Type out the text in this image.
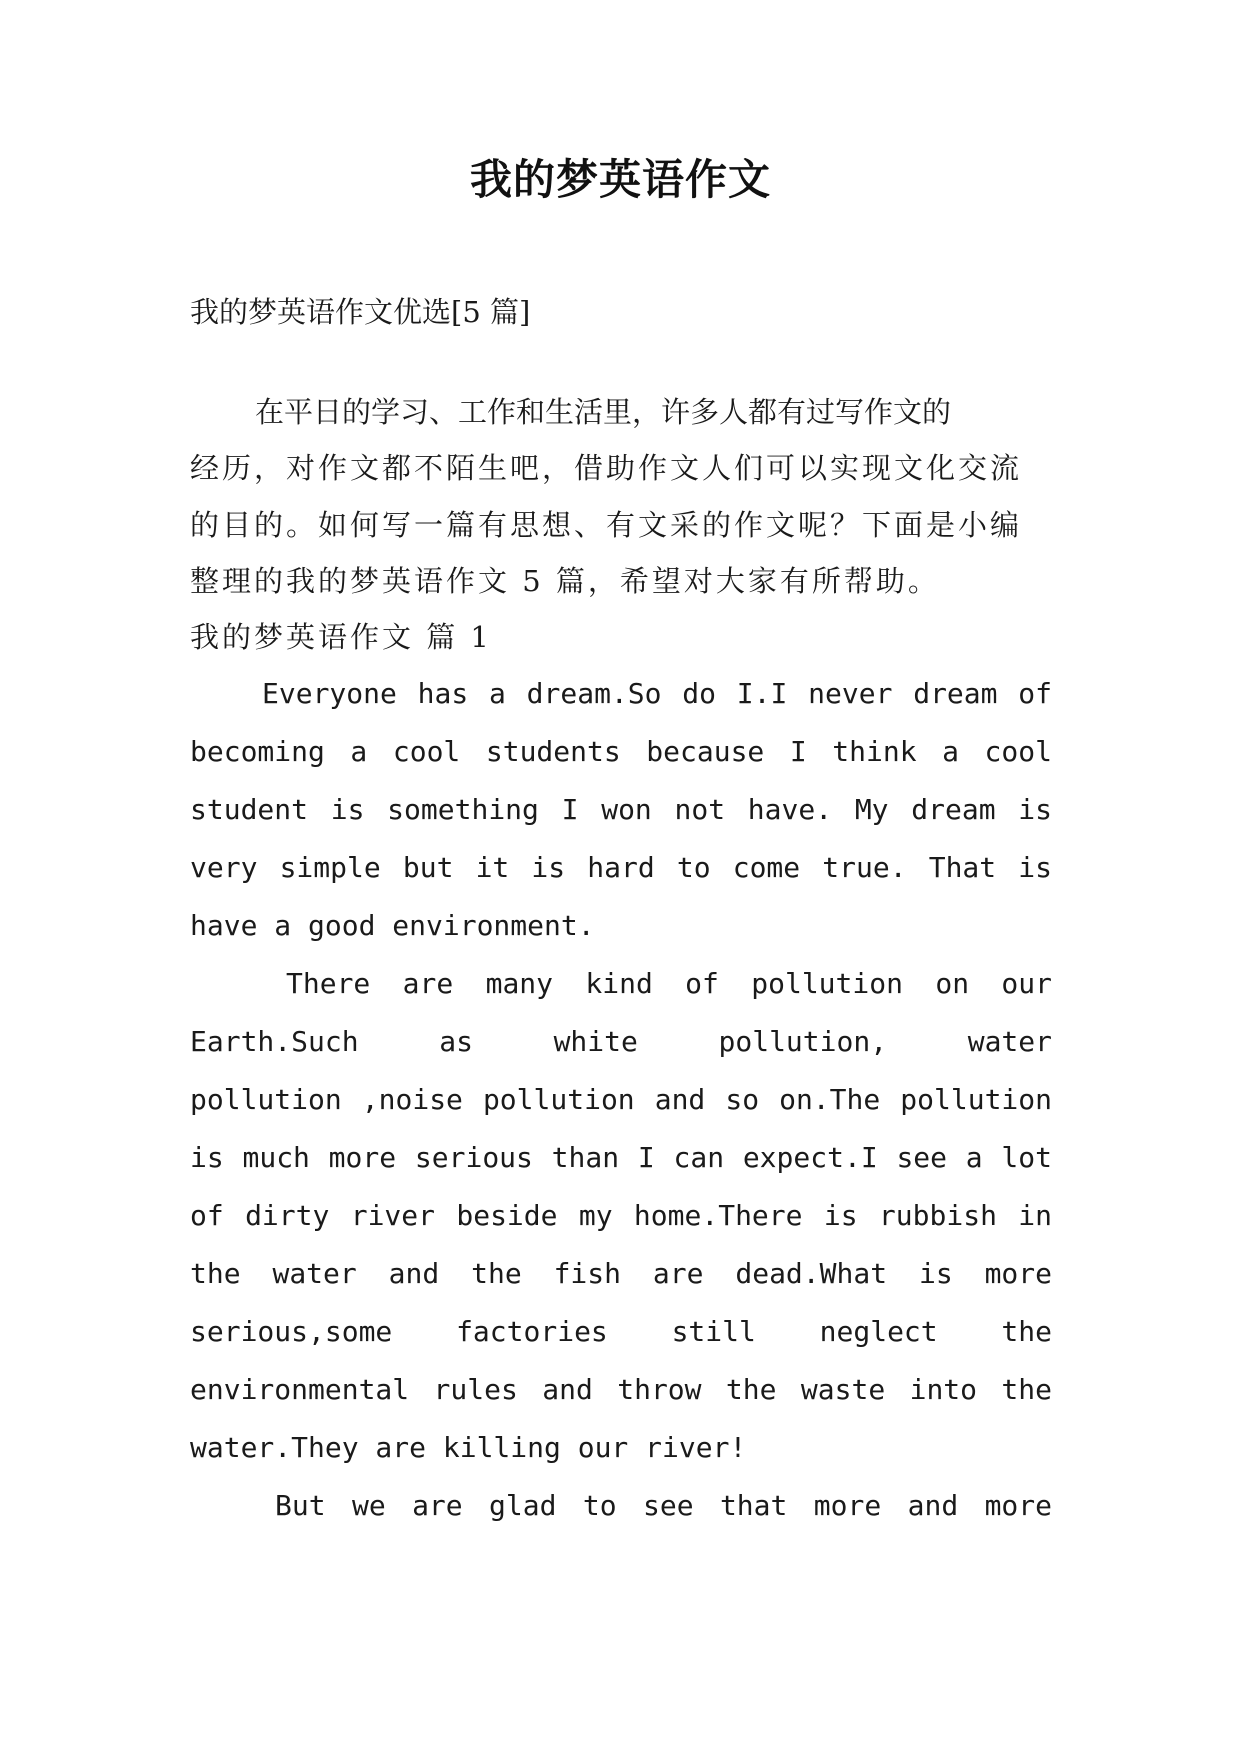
我的梦英语作文
我的梦英语作文优选[5 篇]
在平日的学习、工作和生活里，许多人都有过写作文的
经历，对作文都不陌生吧，借助作文人们可以实现文化交流
的目的。如何写一篇有思想、有文采的作文呢？下面是小编
整理的我的梦英语作文 5 篇，希望对大家有所帮助。
我的梦英语作文 篇 1
Everyone has a dream.So do I.I never dream of
becoming a cool students because I think a cool
student is something I won not have. My dream is
very simple but it is hard to come true. That is
have a good environment.
There are many kind of pollution on our
Earth.Such as white pollution, water
pollution ,noise pollution and so on.The pollution
is much more serious than I can expect.I see a lot
of dirty river beside my home.There is rubbish in
the water and the fish are dead.What is more
serious,some factories still neglect the
environmental rules and throw the waste into the
water.They are killing our river!
But we are glad to see that more and more
